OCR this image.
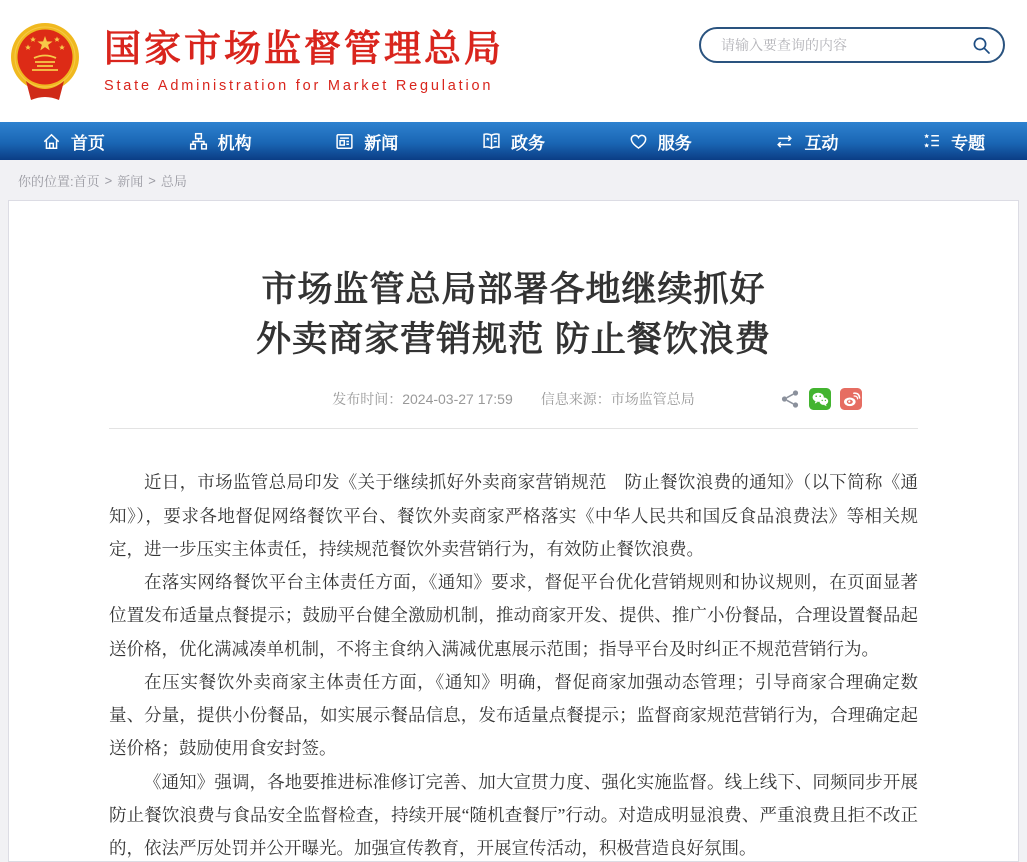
国家市场监督管理总局
State Administration for Market Regulation
请输入要查询的内容
首页	机构	新闻	政务	服务	互动	专题
你的位置: 首页 > 新闻 > 总局
市场监管总局部署各地继续抓好
外卖商家营销规范 防止餐饮浪费
发布时间：2024-03-27 17:59 信息来源：市场监管总局

近日，市场监管总局印发《关于继续抓好外卖商家营销规范　防止餐饮浪费的通知》（以下简称《通知》），要求各地督促网络餐饮平台、餐饮外卖商家严格落实《中华人民共和国反食品浪费法》等相关规定，进一步压实主体责任，持续规范餐饮外卖营销行为，有效防止餐饮浪费。

在落实网络餐饮平台主体责任方面，《通知》要求，督促平台优化营销规则和协议规则，在页面显著位置发布适量点餐提示；鼓励平台健全激励机制，推动商家开发、提供、推广小份餐品，合理设置餐品起送价格，优化满减凑单机制，不将主食纳入满减优惠展示范围；指导平台及时纠正不规范营销行为。

在压实餐饮外卖商家主体责任方面，《通知》明确，督促商家加强动态管理；引导商家合理确定数量、分量，提供小份餐品，如实展示餐品信息，发布适量点餐提示；监督商家规范营销行为，合理确定起送价格；鼓励使用食安封签。

《通知》强调，各地要推进标准修订完善、加大宣贯力度、强化实施监督。线上线下、同频同步开展防止餐饮浪费与食品安全监督检查，持续开展“随机查餐厅”行动。对造成明显浪费、严重浪费且拒不改正的，依法严厉处罚并公开曝光。加强宣传教育，开展宣传活动，积极营造良好氛围。
